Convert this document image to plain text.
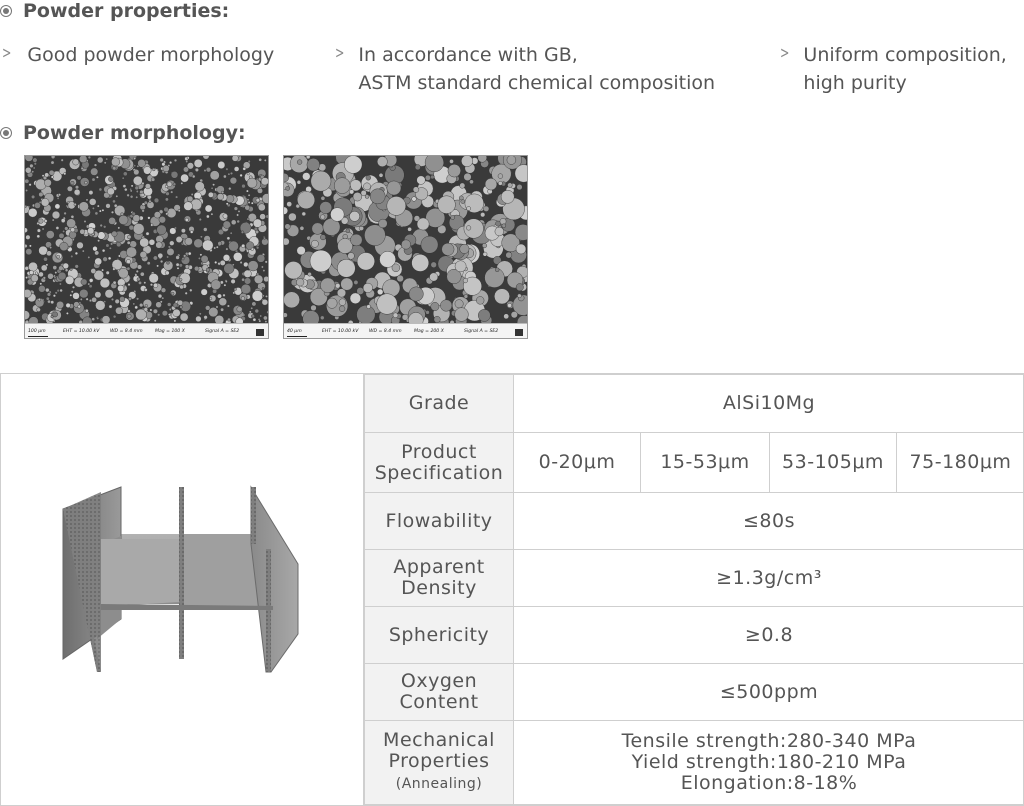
Powder properties:
> Good powder morphology	> In accordance with GB,
ASTM standard chemical composition
> Uniform composition,
high purity
Powder morphology:
100 µm	EHT = 10.00 kV WD = 8.4 mm	Mag = 100 X	Signal A = SE2	40 µm	EHT = 10.00 kV WD = 8.4 mm	Mag = 200 X	Signal A = SE2
Grade	AlSi10Mg			
Product
Specification	0-20μm	15-53μm	53-105μm	75-180μm
Flowability	≤80s			
Apparent
Density	≥1.3g/cm³			
Sphericity	≥0.8			
Oxygen
Content	≤500ppm			
Mechanical
Properties
(Annealing)	Tensile strength:280-340 MPa
Yield strength:180-210 MPa
Elongation:8-18%			
